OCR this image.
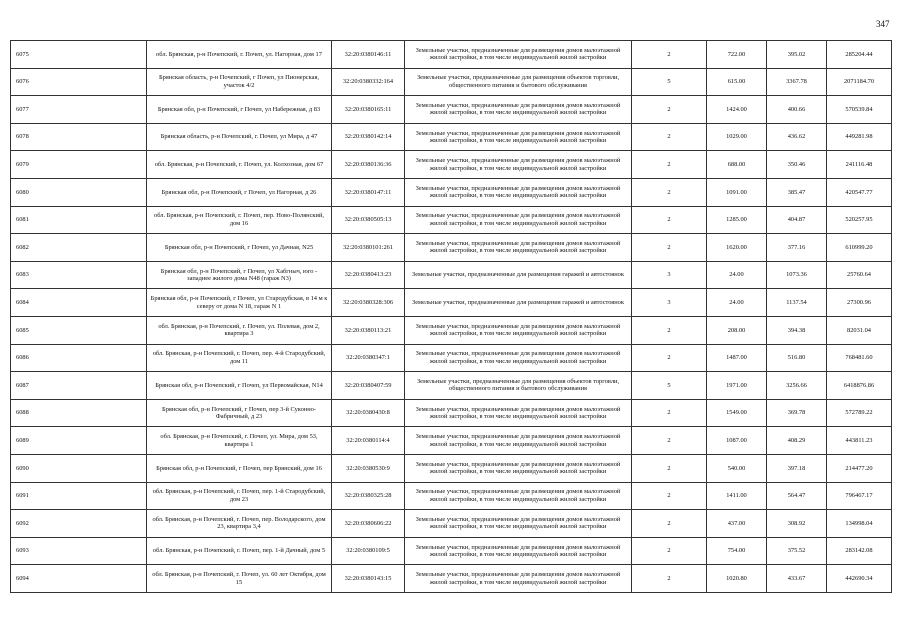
347
6075	обл. Брянская, р-н Почепский, г. Почеп, ул. Нагорная, дом 17	32:20:0380146:11	Земельные участки, предназначенные для размещения домов малоэтажной жилой застройки, в том числе индивидуальной жилой застройки	2	722.00	395.02	285204.44
6076	Брянская область, р-н Почепский, г Почеп, ул Пионерская, участок 4/2	32:20:0380332:164	Земельные участки, предназначенные для размещения объектов торговли, общественного питания и бытового обслуживания	5	615.00	3367.78	2071184.70
6077	Брянская обл, р-н Почепский, г Почеп, ул Набережная, д 83	32:20:0380165:11	Земельные участки, предназначенные для размещения домов малоэтажной жилой застройки, в том числе индивидуальной жилой застройки	2	1424.00	400.66	570539.84
6078	Брянская область, р-н Почепский, г. Почеп, ул Мира, д 47	32:20:0380142:14	Земельные участки, предназначенные для размещения домов малоэтажной жилой застройки, в том числе индивидуальной жилой застройки	2	1029.00	436.62	449281.98
6079	обл. Брянская, р-н Почепский, г. Почеп, ул. Колхозная, дом 67	32:20:0380136:36	Земельные участки, предназначенные для размещения домов малоэтажной жилой застройки, в том числе индивидуальной жилой застройки	2	688.00	350.46	241116.48
6080	Брянская обл, р-н Почепский, г Почеп, ул Нагорная, д 26	32:20:0380147:11	Земельные участки, предназначенные для размещения домов малоэтажной жилой застройки, в том числе индивидуальной жилой застройки	2	1091.00	385.47	420547.77
6081	обл. Брянская, р-н Почепский, г. Почеп, пер. Ново-Полянский, дом 16	32:20:0380505:13	Земельные участки, предназначенные для размещения домов малоэтажной жилой застройки, в том числе индивидуальной жилой застройки	2	1285.00	404.87	520257.95
6082	Брянская обл, р-н Почепский, г Почеп, ул Дачная, N25	32:20:0380101:261	Земельные участки, предназначенные для размещения домов малоэтажной жилой застройки, в том числе индивидуальной жилой застройки	2	1620.00	377.16	610999.20
6083	Брянская обл, р-н Почепский, г Почеп, ул Хабгныч, юго - западнее жилого дома N48 (гараж N3)	32:20:0380413:23	Земельные участки, предназначенные для размещения гаражей и автостоянок	3	24.00	1073.36	25760.64
6084	Брянская обл, р-н Почепский, г Почеп, ул Стародубская, в 14 м к северу от дома N 18, гараж N 1	32:20:0380328:306	Земельные участки, предназначенные для размещения гаражей и автостоянок	3	24.00	1137.54	27300.96
6085	обл. Брянская, р-н Почепский, г. Почеп, ул. Полевая, дом 2, квартира 3	32:20:0380113:21	Земельные участки, предназначенные для размещения домов малоэтажной жилой застройки, в том числе индивидуальной жилой застройки	2	208.00	394.38	82031.04
6086	обл. Брянская, р-н Почепский, г. Почеп, пер. 4-й Стародубский, дом 11	32:20:0380347:1	Земельные участки, предназначенные для размещения домов малоэтажной жилой застройки, в том числе индивидуальной жилой застройки	2	1487.00	516.80	768481.60
6087	Брянская обл, р-н Почепский, г Почеп, ул Первомайская, N14	32:20:0380407:59	Земельные участки, предназначенные для размещения объектов торговли, общественного питания и бытового обслуживания	5	1971.00	3256.66	6418876.86
6088	Брянская обл, р-н Почепский, г Почеп, пер 3-й Суконно-Фабричный, д 23	32:20:0380430:8	Земельные участки, предназначенные для размещения домов малоэтажной жилой застройки, в том числе индивидуальной жилой застройки	2	1549.00	369.78	572789.22
6089	обл. Брянская, р-н Почепский, г. Почеп, ул. Мира, дом 53, квартира 1	32:20:0380114:4	Земельные участки, предназначенные для размещения домов малоэтажной жилой застройки, в том числе индивидуальной жилой застройки	2	1087.00	408.29	443811.23
6090	Брянская обл, р-н Почепский, г Почеп, пер Брянский, дом 16	32:20:0380530:9	Земельные участки, предназначенные для размещения домов малоэтажной жилой застройки, в том числе индивидуальной жилой застройки	2	540.00	397.18	214477.20
6091	обл. Брянская, р-н Почепский, г. Почеп, пер. 1-й Стародубский, дом 23	32:20:0380325:28	Земельные участки, предназначенные для размещения домов малоэтажной жилой застройки, в том числе индивидуальной жилой застройки	2	1411.00	564.47	796467.17
6092	обл. Брянская, р-н Почепский, г. Почеп, пер. Володарского, дом 23, квартира 3,4	32:20:0380606:22	Земельные участки, предназначенные для размещения домов малоэтажной жилой застройки, в том числе индивидуальной жилой застройки	2	437.00	308.92	134998.04
6093	обл. Брянская, р-н Почепский, г. Почеп, пер. 1-й Дачный, дом 5	32:20:0380109:5	Земельные участки, предназначенные для размещения домов малоэтажной жилой застройки, в том числе индивидуальной жилой застройки	2	754.00	375.52	283142.08
6094	обл. Брянская, р-н Почепский, г. Почеп, ул. 60 лет Октября, дом 15	32:20:0380143:15	Земельные участки, предназначенные для размещения домов малоэтажной жилой застройки, в том числе индивидуальной жилой застройки	2	1020.80	433.67	442690.34
